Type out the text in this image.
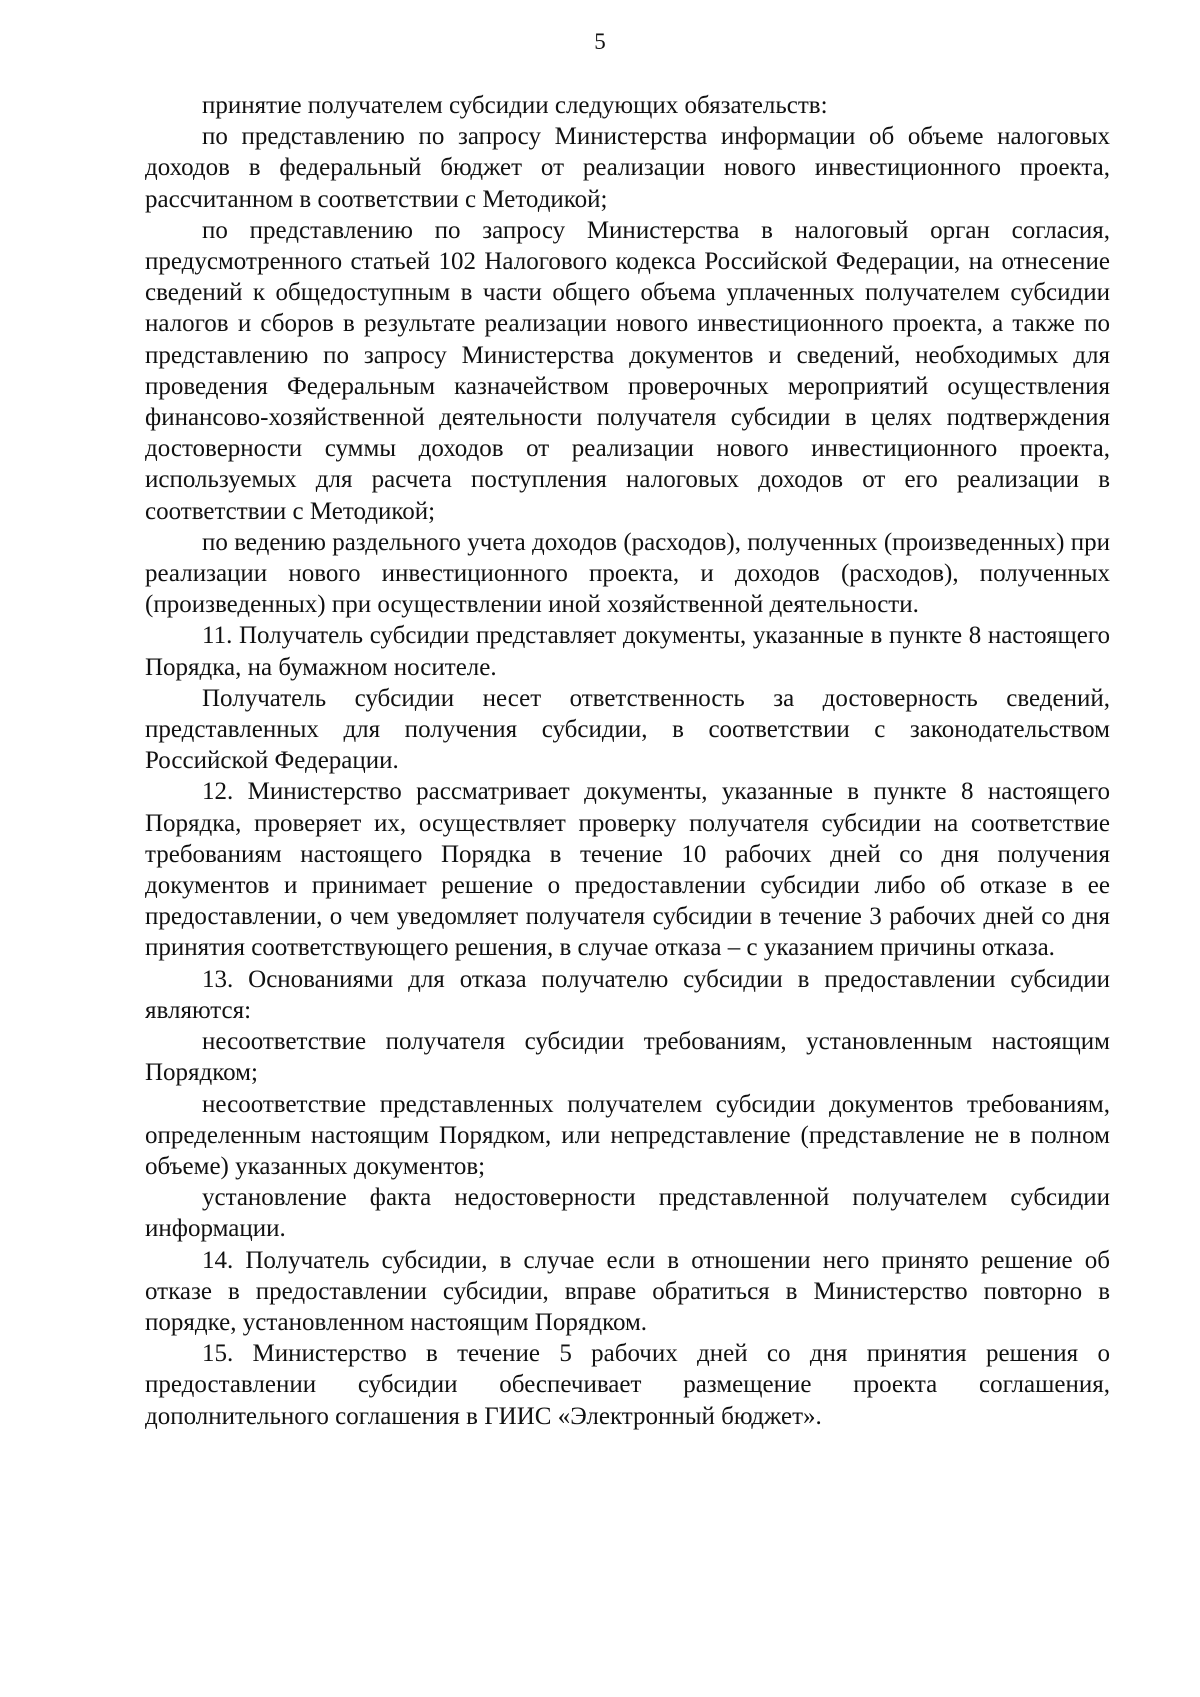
5

принятие получателем субсидии следующих обязательств:

по представлению по запросу Министерства информации об объеме налоговых доходов в федеральный бюджет от реализации нового инвестиционного проекта, рассчитанном в соответствии с Методикой;

по представлению по запросу Министерства в налоговый орган согласия, предусмотренного статьей 102 Налогового кодекса Российской Федерации, на отнесение сведений к общедоступным в части общего объема уплаченных получателем субсидии налогов и сборов в результате реализации нового инвестиционного проекта, а также по представлению по запросу Министерства документов и сведений, необходимых для проведения Федеральным казначейством проверочных мероприятий осуществления финансово-хозяйственной деятельности получателя субсидии в целях подтверждения достоверности суммы доходов от реализации нового инвестиционного проекта, используемых для расчета поступления налоговых доходов от его реализации в соответствии с Методикой;

по ведению раздельного учета доходов (расходов), полученных (произведенных) при реализации нового инвестиционного проекта, и доходов (расходов), полученных (произведенных) при осуществлении иной хозяйственной деятельности.

11. Получатель субсидии представляет документы, указанные в пункте 8 настоящего Порядка, на бумажном носителе.

Получатель субсидии несет ответственность за достоверность сведений, представленных для получения субсидии, в соответствии с законодательством Российской Федерации.

12. Министерство рассматривает документы, указанные в пункте 8 настоящего Порядка, проверяет их, осуществляет проверку получателя субсидии на соответствие требованиям настоящего Порядка в течение 10 рабочих дней со дня получения документов и принимает решение о предоставлении субсидии либо об отказе в ее предоставлении, о чем уведомляет получателя субсидии в течение 3 рабочих дней со дня принятия соответствующего решения, в случае отказа – с указанием причины отказа.

13. Основаниями для отказа получателю субсидии в предоставлении субсидии являются:

несоответствие получателя субсидии требованиям, установленным настоящим Порядком;

несоответствие представленных получателем субсидии документов требованиям, определенным настоящим Порядком, или непредставление (представление не в полном объеме) указанных документов;

установление факта недостоверности представленной получателем субсидии информации.

14. Получатель субсидии, в случае если в отношении него принято решение об отказе в предоставлении субсидии, вправе обратиться в Министерство повторно в порядке, установленном настоящим Порядком.

15. Министерство в течение 5 рабочих дней со дня принятия решения о предоставлении субсидии обеспечивает размещение проекта соглашения, дополнительного соглашения в ГИИС «Электронный бюджет».
